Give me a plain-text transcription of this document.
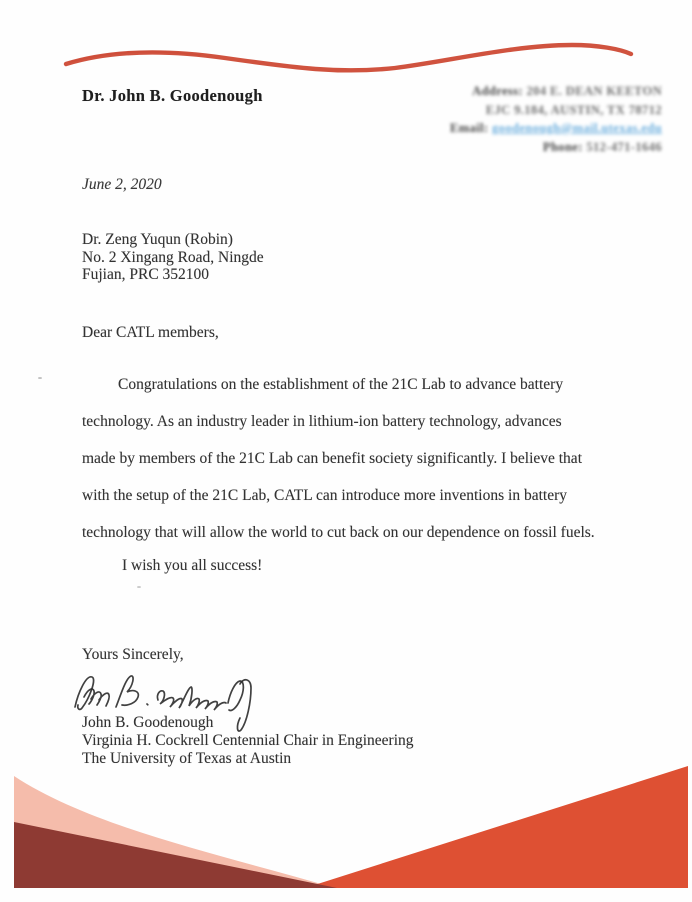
Dr. John B. Goodenough	Address: 204 E. DEAN KEETON
EJC 9.184, AUSTIN, TX 78712
Email: goodenough@mail.utexas.edu
Phone: 512-471-1646
June 2, 2020
Dr. Zeng Yuqun (Robin)
No. 2 Xingang Road, Ningde
Fujian, PRC 352100
Dear CATL members,
Congratulations on the establishment of the 21C Lab to advance battery
technology. As an industry leader in lithium-ion battery technology, advances
made by members of the 21C Lab can benefit society significantly. I believe that
with the setup of the 21C Lab, CATL can introduce more inventions in battery
technology that will allow the world to cut back on our dependence on fossil fuels.
I wish you all success!
Yours Sincerely,
John B. Goodenough
Virginia H. Cockrell Centennial Chair in Engineering
The University of Texas at Austin
